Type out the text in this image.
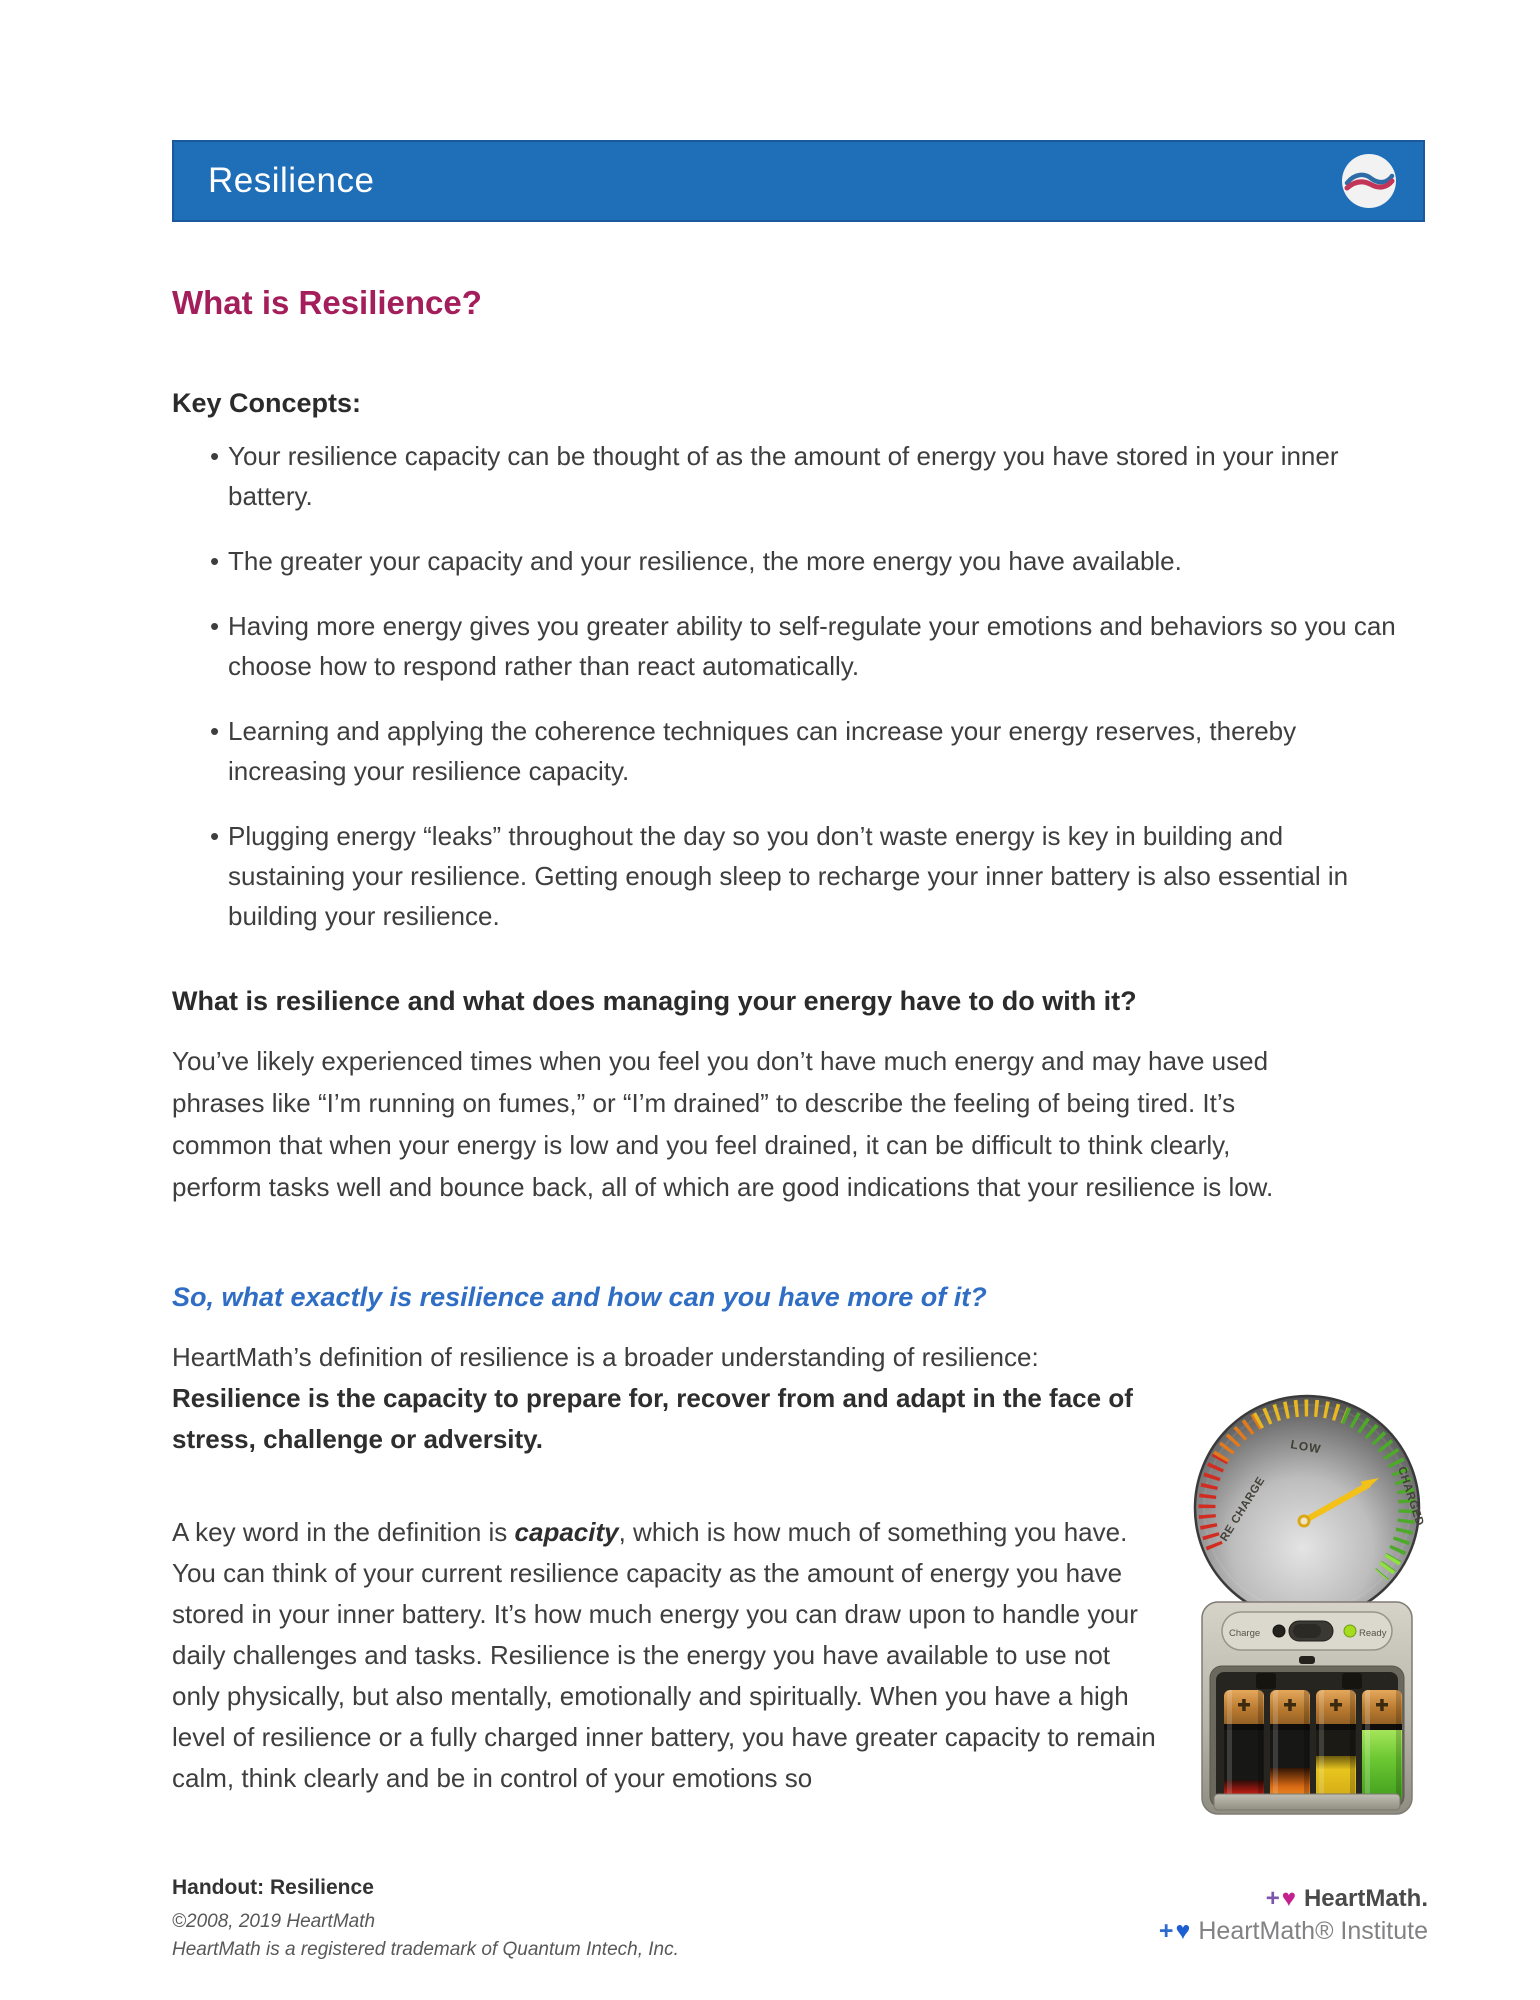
Resilience
What is Resilience?
Key Concepts:
• Your resilience capacity can be thought of as the amount of energy you have stored in your inner battery.
• The greater your capacity and your resilience, the more energy you have available.
• Having more energy gives you greater ability to self-regulate your emotions and behaviors so you can choose how to respond rather than react automatically.
• Learning and applying the coherence techniques can increase your energy reserves, thereby increasing your resilience capacity.
• Plugging energy “leaks” throughout the day so you don’t waste energy is key in building and sustaining your resilience. Getting enough sleep to recharge your inner battery is also essential in building your resilience.
What is resilience and what does managing your energy have to do with it?

You’ve likely experienced times when you feel you don’t have much energy and may have used phrases like “I’m running on fumes,” or “I’m drained” to describe the feeling of being tired. It’s common that when your energy is low and you feel drained, it can be difficult to think clearly, perform tasks well and bounce back, all of which are good indications that your resilience is low.

So, what exactly is resilience and how can you have more of it?

HeartMath’s definition of resilience is a broader understanding of resilience:

Resilience is the capacity to prepare for, recover from and adapt in the face of stress, challenge or adversity.

A key word in the definition is capacity, which is how much of something you have. You can think of your current resilience capacity as the amount of energy you have stored in your inner battery. It’s how much energy you can draw upon to handle your daily challenges and tasks. Resilience is the energy you have available to use not only physically, but also mentally, emotionally and spiritually. When you have a high level of resilience or a fully charged inner battery, you have greater capacity to remain calm, think clearly and be in control of your emotions so

RE CHARGE
LOW
CHARGED
Charge	Ready
Handout: Resilience
©2008, 2019 HeartMath
HeartMath is a registered trademark of Quantum Intech, Inc.
+♥ HeartMath.
+♥ HeartMath® Institute
